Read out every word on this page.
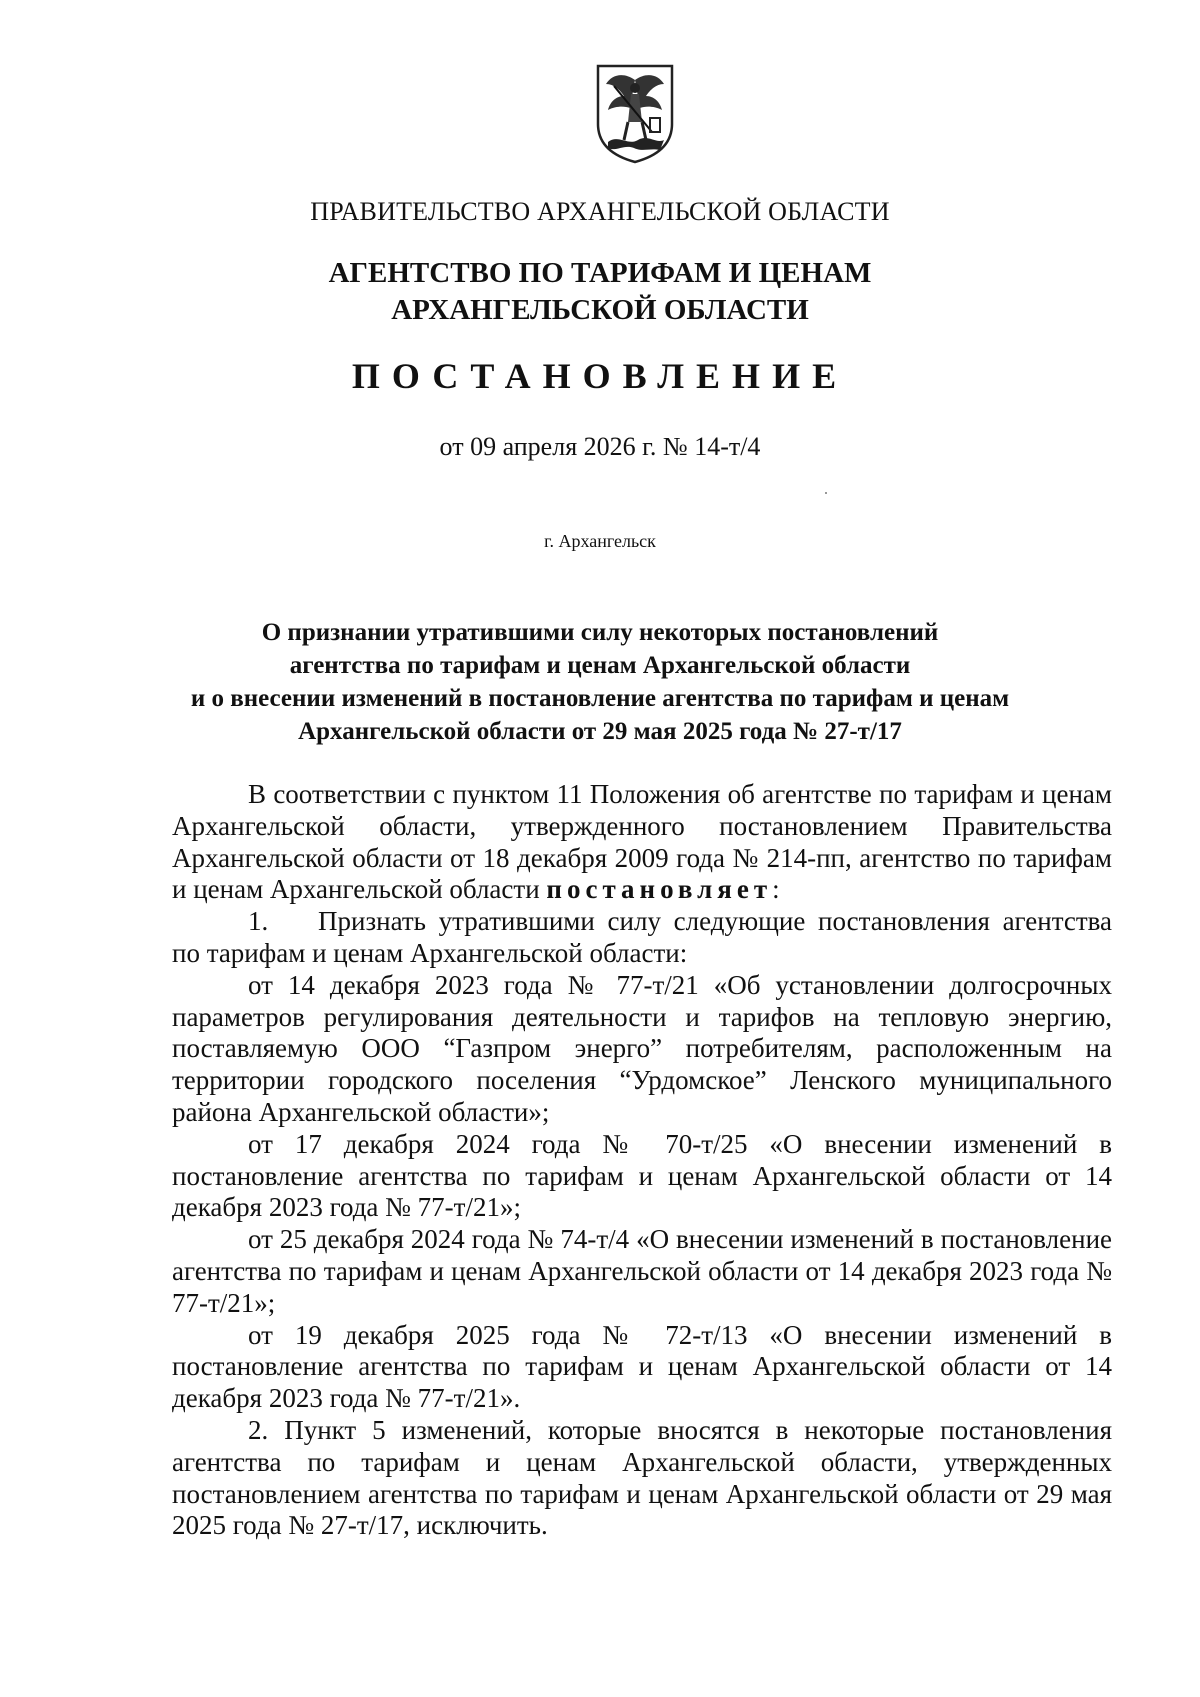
ПРАВИТЕЛЬСТВО АРХАНГЕЛЬСКОЙ ОБЛАСТИ
АГЕНТСТВО ПО ТАРИФАМ И ЦЕНАМ
АРХАНГЕЛЬСКОЙ ОБЛАСТИ
ПОСТАНОВЛЕНИЕ
от 09 апреля 2026 г. № 14-т/4
г. Архангельск
О признании утратившими силу некоторых постановлений
агентства по тарифам и ценам Архангельской области
и о внесении изменений в постановление агентства по тарифам и ценам
Архангельской области от 29 мая 2025 года № 27-т/17

В соответствии с пунктом 11 Положения об агентстве по тарифам и ценам Архангельской области, утвержденного постановлением Правительства Архангельской области от 18 декабря 2009 года № 214-пп, агентство по тарифам и ценам Архангельской области постановляет:

1. Признать утратившими силу следующие постановления агентства по тарифам и ценам Архангельской области:

от 14 декабря 2023 года № 77-т/21 «Об установлении долгосрочных параметров регулирования деятельности и тарифов на тепловую энергию, поставляемую ООО “Газпром энерго” потребителям, расположенным на территории городского поселения “Урдомское” Ленского муниципального района Архангельской области»;

от 17 декабря 2024 года № 70-т/25 «О внесении изменений в постановление агентства по тарифам и ценам Архангельской области от 14 декабря 2023 года № 77-т/21»;

от 25 декабря 2024 года № 74-т/4 «О внесении изменений в постановление агентства по тарифам и ценам Архангельской области от 14 декабря 2023 года № 77-т/21»;

от 19 декабря 2025 года № 72-т/13 «О внесении изменений в постановление агентства по тарифам и ценам Архангельской области от 14 декабря 2023 года № 77-т/21».

2. Пункт 5 изменений, которые вносятся в некоторые постановления агентства по тарифам и ценам Архангельской области, утвержденных постановлением агентства по тарифам и ценам Архангельской области от 29 мая 2025 года № 27-т/17, исключить.
